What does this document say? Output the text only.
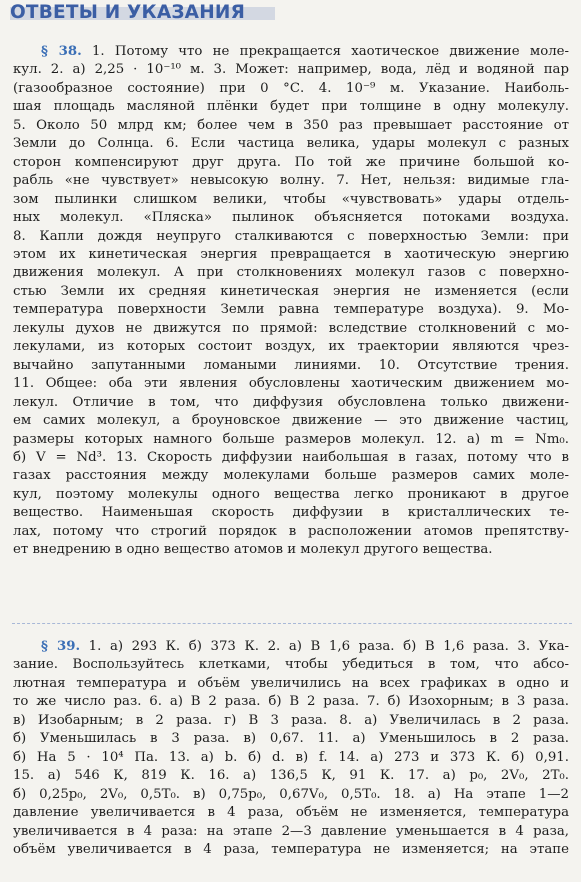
ОТВЕТЫ И УКАЗАНИЯ
§ 38. 1. Потому что не прекращается хаотическое движение моле-
кул. 2. а) 2,25 · 10⁻¹⁰ м. 3. Может: например, вода, лёд и водяной пар
(газообразное состояние) при 0 °С. 4. 10⁻⁹ м. Указание. Наиболь-
шая площадь масляной плёнки будет при толщине в одну молекулу.
5. Около 50 млрд км; более чем в 350 раз превышает расстояние от
Земли до Солнца. 6. Если частица велика, удары молекул с разных
сторон компенсируют друг друга. По той же причине большой ко-
рабль «не чувствует» невысокую волну. 7. Нет, нельзя: видимые гла-
зом пылинки слишком велики, чтобы «чувствовать» удары отдель-
ных молекул. «Пляска» пылинок объясняется потоками воздуха.
8. Капли дождя неупруго сталкиваются с поверхностью Земли: при
этом их кинетическая энергия превращается в хаотическую энергию
движения молекул. А при столкновениях молекул газов с поверхно-
стью Земли их средняя кинетическая энергия не изменяется (если
температура поверхности Земли равна температуре воздуха). 9. Мо-
лекулы духов не движутся по прямой: вследствие столкновений с мо-
лекулами, из которых состоит воздух, их траектории являются чрез-
вычайно запутанными ломаными линиями. 10. Отсутствие трения.
11. Общее: оба эти явления обусловлены хаотическим движением мо-
лекул. Отличие в том, что диффузия обусловлена только движени-
ем самих молекул, а броуновское движение — это движение частиц,
размеры которых намного больше размеров молекул. 12. а) m = Nm₀.
б) V = Nd³. 13. Скорость диффузии наибольшая в газах, потому что в
газах расстояния между молекулами больше размеров самих моле-
кул, поэтому молекулы одного вещества легко проникают в другое
вещество. Наименьшая скорость диффузии в кристаллических те-
лах, потому что строгий порядок в расположении атомов препятству-
ет внедрению в одно вещество атомов и молекул другого вещества.
§ 39. 1. а) 293 К. б) 373 К. 2. а) В 1,6 раза. б) В 1,6 раза. 3. Ука-
зание. Воспользуйтесь клетками, чтобы убедиться в том, что абсо-
лютная температура и объём увеличились на всех графиках в одно и
то же число раз. 6. а) В 2 раза. б) В 2 раза. 7. б) Изохорным; в 3 раза.
в) Изобарным; в 2 раза. г) В 3 раза. 8. а) Увеличилась в 2 раза.
б) Уменьшилась в 3 раза. в) 0,67. 11. а) Уменьшилось в 2 раза.
б) На 5 · 10⁴ Па. 13. а) b. б) d. в) f. 14. а) 273 и 373 К. б) 0,91.
15. а) 546 К, 819 К. 16. а) 136,5 К, 91 К. 17. а) p₀, 2V₀, 2T₀.
б) 0,25p₀, 2V₀, 0,5T₀. в) 0,75p₀, 0,67V₀, 0,5T₀. 18. а) На этапе 1—2
давление увеличивается в 4 раза, объём не изменяется, температура
увеличивается в 4 раза: на этапе 2—3 давление уменьшается в 4 раза,
объём увеличивается в 4 раза, температура не изменяется; на этапе
